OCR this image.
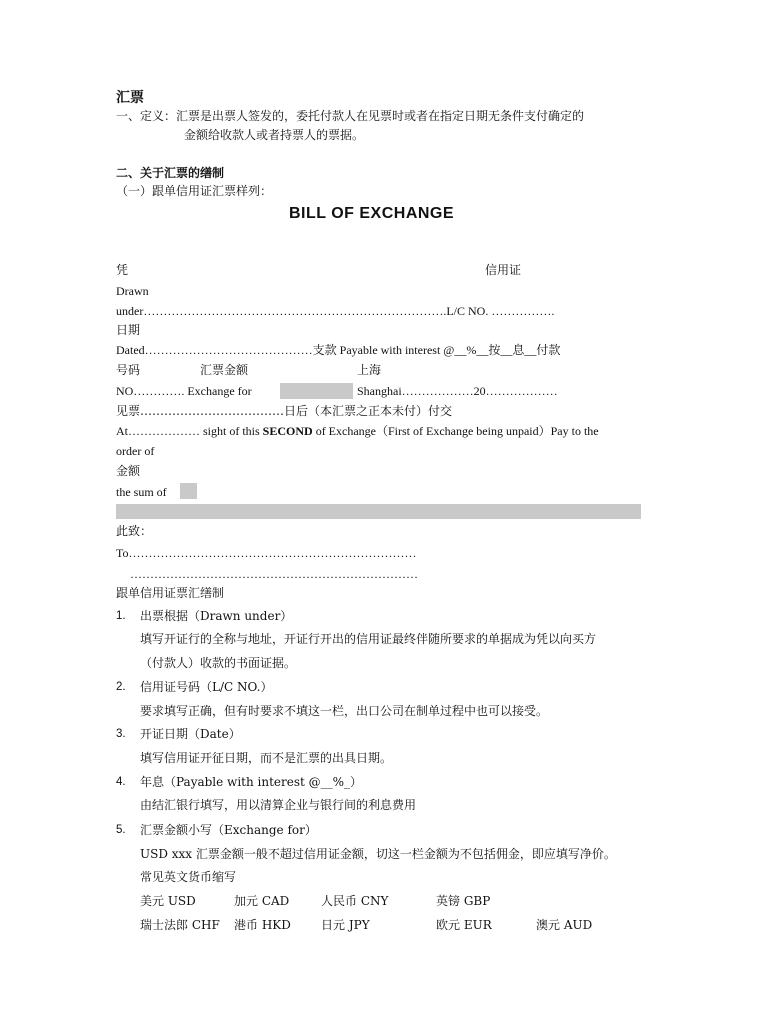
汇票
一、定义：汇票是出票人签发的，委托付款人在见票时或者在指定日期无条件支付确定的
金额给收款人或者持票人的票据。
二、关于汇票的缮制
（一）跟单信用证汇票样列：
BILL OF EXCHANGE
凭	信用证
Drawn
under………………………………………………………………….L/C NO. …………….
日期
Dated……………………………………支款 Payable with interest @__%__按__息__付款
号码	汇票金额	上海
NO…………. Exchange for	Shanghai………………20………………
见票………………………………日后（本汇票之正本未付）付交
At……………… sight of this SECOND of Exchange（First of Exchange being unpaid）Pay to the
order of
金额
the sum of
此致：
To………………………………………………………………
………………………………………………………………
跟单信用证票汇缮制
1. 出票根据（Drawn under）
填写开证行的全称与地址，开证行开出的信用证最终伴随所要求的单据成为凭以向买方
（付款人）收款的书面证据。
2. 信用证号码（L/C NO.）
要求填写正确，但有时要求不填这一栏，出口公司在制单过程中也可以接受。
3. 开证日期（Date）
填写信用证开征日期，而不是汇票的出具日期。
4. 年息（Payable with interest @__%_）
由结汇银行填写，用以清算企业与银行间的利息费用
5. 汇票金额小写（Exchange for）
USD xxx 汇票金额一般不超过信用证金额，切这一栏金额为不包括佣金，即应填写净价。
常见英文货币缩写
美元 USD	加元 CAD	人民币 CNY	英镑 GBP
瑞士法郎 CHF 港币 HKD	日元 JPY	欧元 EUR	澳元 AUD
